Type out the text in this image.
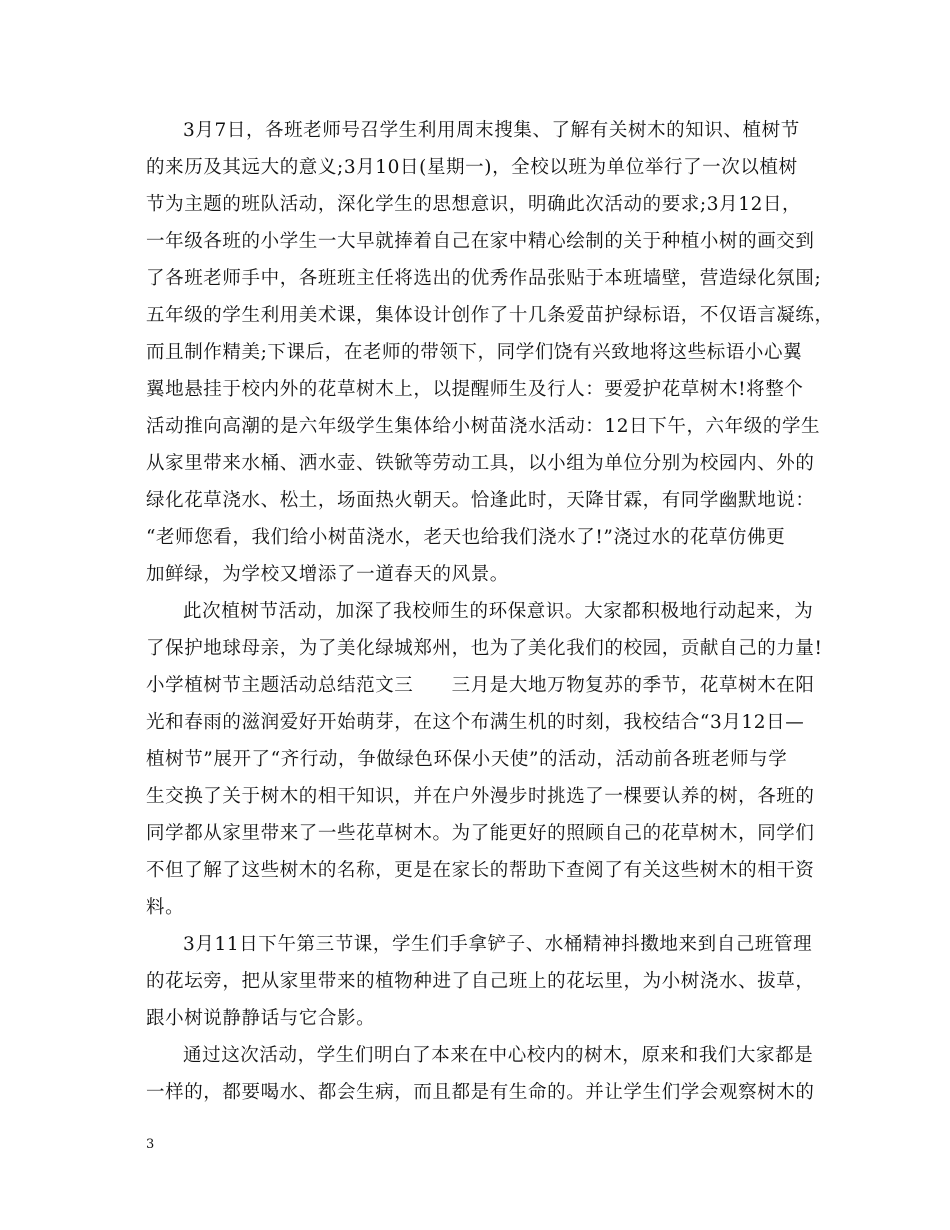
3月7日，各班老师号召学生利用周末搜集、了解有关树木的知识、植树节
的来历及其远大的意义;3月10日(星期一)，全校以班为单位举行了一次以植树
节为主题的班队活动，深化学生的思想意识，明确此次活动的要求;3月12日，
一年级各班的小学生一大早就捧着自己在家中精心绘制的关于种植小树的画交到
了各班老师手中，各班班主任将选出的优秀作品张贴于本班墙壁，营造绿化氛围;
五年级的学生利用美术课，集体设计创作了十几条爱苗护绿标语，不仅语言凝练，
而且制作精美;下课后，在老师的带领下，同学们饶有兴致地将这些标语小心翼
翼地悬挂于校内外的花草树木上，以提醒师生及行人：要爱护花草树木!将整个
活动推向高潮的是六年级学生集体给小树苗浇水活动：12日下午，六年级的学生
从家里带来水桶、洒水壶、铁锨等劳动工具，以小组为单位分别为校园内、外的
绿化花草浇水、松土，场面热火朝天。恰逢此时，天降甘霖，有同学幽默地说：
“老师您看，我们给小树苗浇水，老天也给我们浇水了!”浇过水的花草仿佛更
加鲜绿，为学校又增添了一道春天的风景。
此次植树节活动，加深了我校师生的环保意识。大家都积极地行动起来，为
了保护地球母亲，为了美化绿城郑州，也为了美化我们的校园，贡献自己的力量!
小学植树节主题活动总结范文三　　三月是大地万物复苏的季节，花草树木在阳
光和春雨的滋润爱好开始萌芽，在这个布满生机的时刻，我校结合“3月12日—
植树节”展开了“齐行动，争做绿色环保小天使”的活动，活动前各班老师与学
生交换了关于树木的相干知识，并在户外漫步时挑选了一棵要认养的树，各班的
同学都从家里带来了一些花草树木。为了能更好的照顾自己的花草树木，同学们
不但了解了这些树木的名称，更是在家长的帮助下查阅了有关这些树木的相干资
料。
3月11日下午第三节课，学生们手拿铲子、水桶精神抖擞地来到自己班管理
的花坛旁，把从家里带来的植物种进了自己班上的花坛里，为小树浇水、拔草，
跟小树说静静话与它合影。
通过这次活动，学生们明白了本来在中心校内的树木，原来和我们大家都是
一样的，都要喝水、都会生病，而且都是有生命的。并让学生们学会观察树木的
3
